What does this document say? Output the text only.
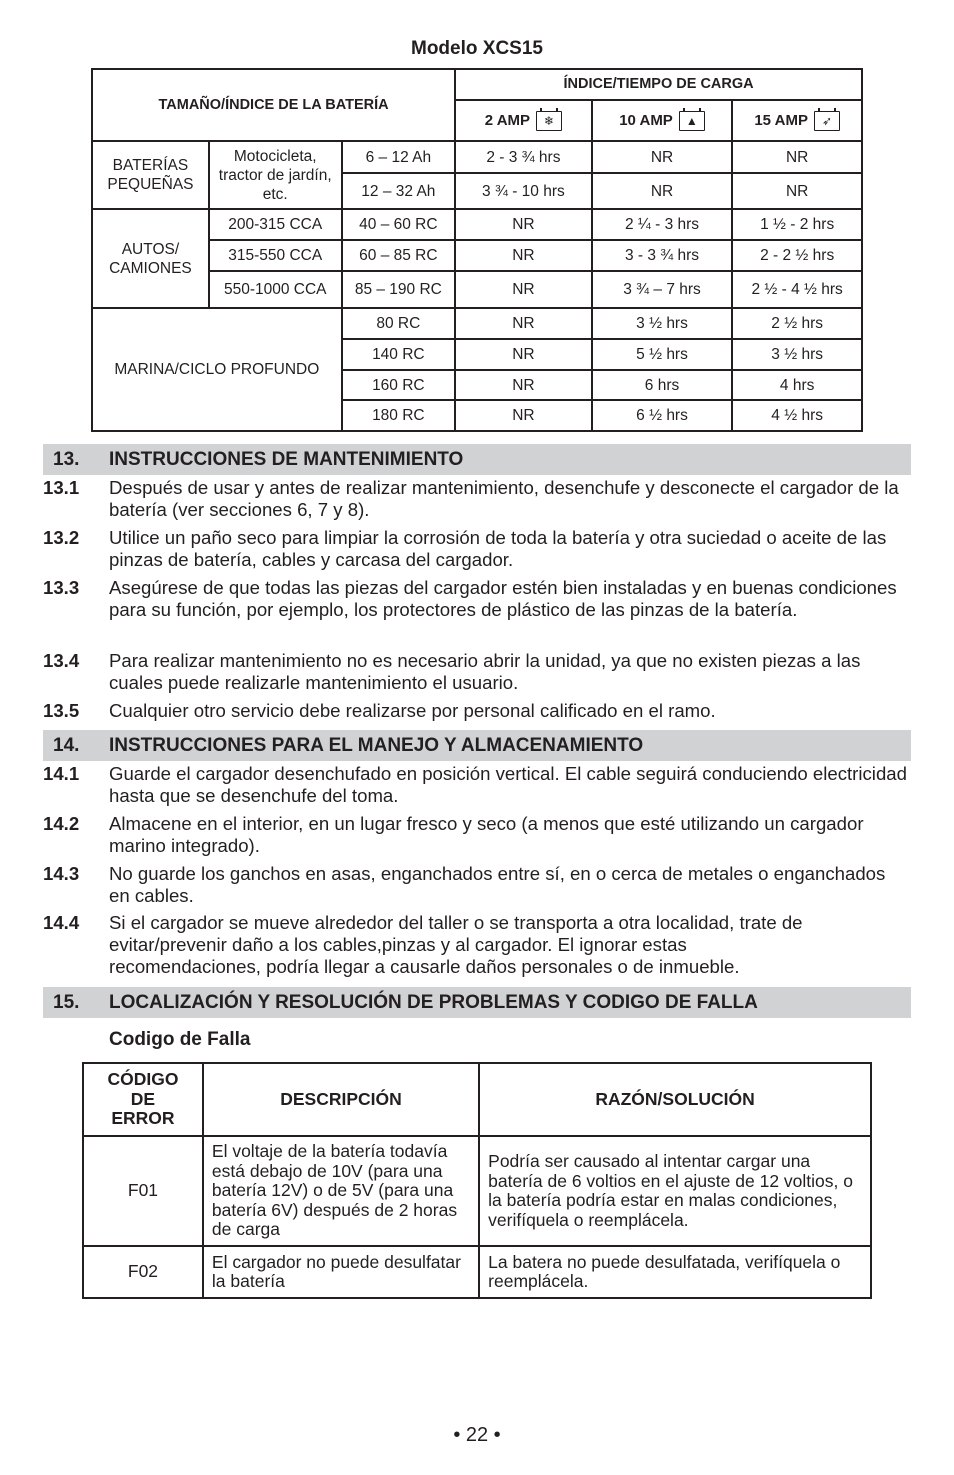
Modelo XCS15
TAMAÑO/ÍNDICE DE LA BATERÍA			ÍNDICE/TIEMPO DE CARGA		

			2 AMP ❄	10 AMP ▲	15 AMP ➶

BATERÍAS PEQUEÑAS	Motocicleta, tractor de jardín, etc.	6 – 12 Ah	2 - 3 ¾ hrs	NR	NR
		12 – 32 Ah	3 ¾ - 10 hrs	NR	NR
AUTOS/ CAMIONES	200-315 CCA	40 – 60 RC	NR	2 ¼ - 3 hrs	1 ½ - 2 hrs
	315-550 CCA	60 – 85 RC	NR	3 - 3 ¾ hrs	2 - 2 ½ hrs
	550-1000 CCA	85 – 190 RC	NR	3 ¾ – 7 hrs	2 ½ - 4 ½ hrs
MARINA/CICLO PROFUNDO		80 RC	NR	3 ½ hrs	2 ½ hrs
		140 RC	NR	5 ½ hrs	3 ½ hrs
		160 RC	NR	6 hrs	4 hrs
		180 RC	NR	6 ½ hrs	4 ½ hrs
13. INSTRUCCIONES DE MANTENIMIENTO
13.1 Después de usar y antes de realizar mantenimiento, desenchufe y desconecte el cargador de la batería (ver secciones 6, 7 y 8).
13.2 Utilice un paño seco para limpiar la corrosión de toda la batería y otra suciedad o aceite de las pinzas de batería, cables y carcasa del cargador.
13.3 Asegúrese de que todas las piezas del cargador estén bien instaladas y en buenas condiciones para su función, por ejemplo, los protectores de plástico de las pinzas de la batería.
13.4 Para realizar mantenimiento no es necesario abrir la unidad, ya que no existen piezas a las cuales puede realizarle mantenimiento el usuario.
13.5 Cualquier otro servicio debe realizarse por personal calificado en el ramo.
14. INSTRUCCIONES PARA EL MANEJO Y ALMACENAMIENTO
14.1 Guarde el cargador desenchufado en posición vertical. El cable seguirá conduciendo electricidad hasta que se desenchufe del toma.
14.2 Almacene en el interior, en un lugar fresco y seco (a menos que esté utilizando un cargador marino integrado).
14.3 No guarde los ganchos en asas, enganchados entre sí, en o cerca de metales o enganchados en cables.
14.4 Si el cargador se mueve alrededor del taller o se transporta a otra localidad, trate de evitar/prevenir daño a los cables,pinzas y al cargador. El ignorar estas recomendaciones, podría llegar a causarle daños personales o de inmueble.
15. LOCALIZACIÓN Y RESOLUCIÓN DE PROBLEMAS Y CODIGO DE FALLA
Codigo de Falla
CÓDIGO DE ERROR	DESCRIPCIÓN	RAZÓN/SOLUCIÓN
F01	El voltaje de la batería todavía está debajo de 10V (para una batería 12V) o de 5V (para una batería 6V) después de 2 horas de carga	Podría ser causado al intentar cargar una batería de 6 voltios en el ajuste de 12 voltios, o la batería podría estar en malas condiciones, verifíquela o reemplácela.
F02	El cargador no puede desulfatar la batería	La batera no puede desulfatada, verifíquela o reemplácela.
• 22 •
